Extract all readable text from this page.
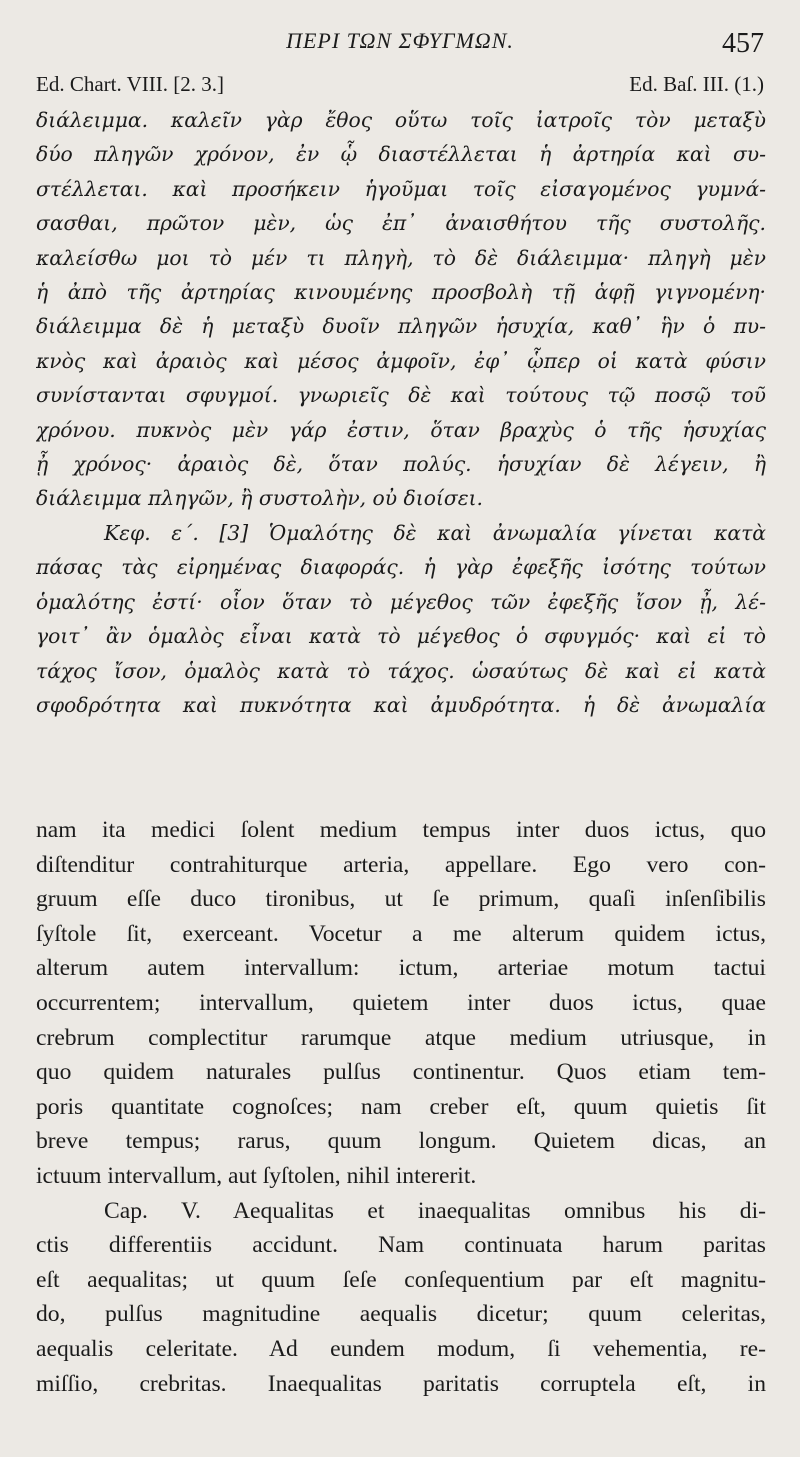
ΠΕΡΙ ΤΩΝ ΣΦΥΓΜΩΝ.	457
Ed. Chart. VIII. [2. 3.]	Ed. Baſ. III. (1.)
διάλειμμα. καλεῖν γὰρ ἔθος οὕτω τοῖς ἰατροῖς τὸν μεταξὺ
δύο πληγῶν χρόνον, ἐν ᾧ διαστέλλεται ἡ ἀρτηρία καὶ συ-
στέλλεται. καὶ προσήκειν ἡγοῦμαι τοῖς εἰσαγομένος γυμνά-
σασθαι, πρῶτον μὲν, ὡς ἐπ᾽ ἀναισθήτου τῆς συστολῆς.
καλείσθω μοι τὸ μέν τι πληγὴ, τὸ δὲ διάλειμμα· πληγὴ μὲν
ἡ ἀπὸ τῆς ἀρτηρίας κινουμένης προσβολὴ τῇ ἁφῇ γιγνομένη·
διάλειμμα δὲ ἡ μεταξὺ δυοῖν πληγῶν ἡσυχία, καθ᾽ ἣν ὁ πυ-
κνὸς καὶ ἀραιὸς καὶ μέσος ἀμφοῖν, ἐφ᾽ ᾧπερ οἱ κατὰ φύσιν
συνίστανται σφυγμοί. γνωριεῖς δὲ καὶ τούτους τῷ ποσῷ τοῦ
χρόνου. πυκνὸς μὲν γάρ ἐστιν, ὅταν βραχὺς ὁ τῆς ἡσυχίας
ᾖ χρόνος· ἀραιὸς δὲ, ὅταν πολύς. ἡσυχίαν δὲ λέγειν, ἢ
διάλειμμα πληγῶν, ἢ συστολὴν, οὐ διοίσει.
Κεφ. ε΄. [3] Ὁμαλότης δὲ καὶ ἀνωμαλία γίνεται κατὰ
πάσας τὰς εἰρημένας διαφοράς. ἡ γὰρ ἐφεξῆς ἰσότης τούτων
ὁμαλότης ἐστί· οἷον ὅταν τὸ μέγεθος τῶν ἐφεξῆς ἴσον ᾖ, λέ-
γοιτ᾽ ἂν ὁμαλὸς εἶναι κατὰ τὸ μέγεθος ὁ σφυγμός· καὶ εἰ τὸ
τάχος ἴσον, ὁμαλὸς κατὰ τὸ τάχος. ὡσαύτως δὲ καὶ εἰ κατὰ
σφοδρότητα καὶ πυκνότητα καὶ ἀμυδρότητα. ἡ δὲ ἀνωμαλία
nam ita medici ſolent medium tempus inter duos ictus, quo
diſtenditur contrahiturque arteria, appellare. Ego vero con-
gruum eſſe duco tironibus, ut ſe primum, quaſi inſenſibilis
ſyſtole ſit, exerceant. Vocetur a me alterum quidem ictus,
alterum autem intervallum: ictum, arteriae motum tactui
occurrentem; intervallum, quietem inter duos ictus, quae
crebrum complectitur rarumque atque medium utriusque, in
quo quidem naturales pulſus continentur. Quos etiam tem-
poris quantitate cognoſces; nam creber eſt, quum quietis ſit
breve tempus; rarus, quum longum. Quietem dicas, an
ictuum intervallum, aut ſyſtolen, nihil intererit.
Cap. V. Aequalitas et inaequalitas omnibus his di-
ctis differentiis accidunt. Nam continuata harum paritas
eſt aequalitas; ut quum ſeſe conſequentium par eſt magnitu-
do, pulſus magnitudine aequalis dicetur; quum celeritas,
aequalis celeritate. Ad eundem modum, ſi vehementia, re-
miſſio, crebritas. Inaequalitas paritatis corruptela eſt, in
